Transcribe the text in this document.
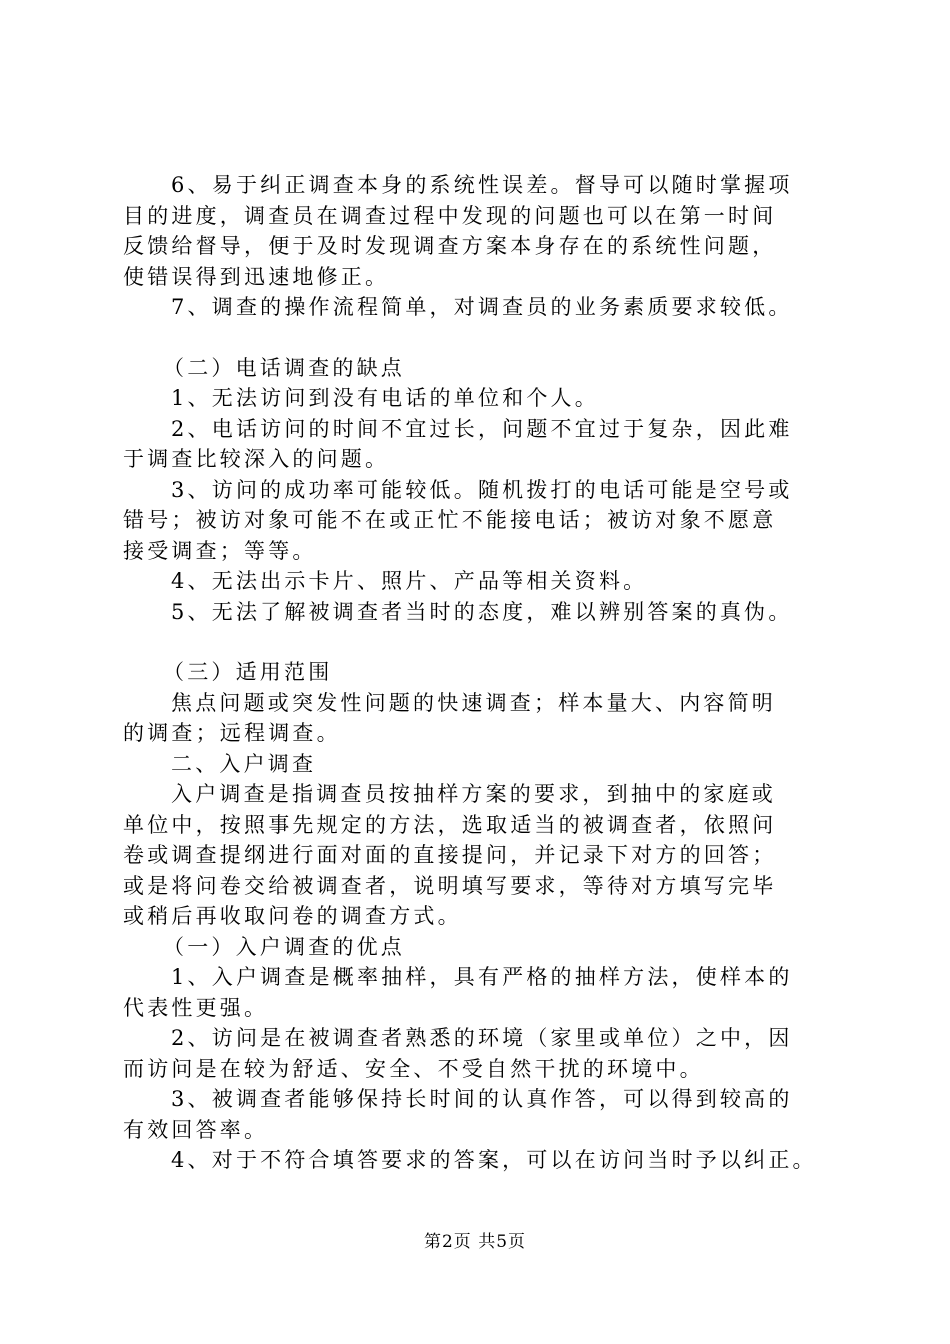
6、易于纠正调查本身的系统性误差。督导可以随时掌握项
目的进度，调查员在调查过程中发现的问题也可以在第一时间
反馈给督导，便于及时发现调查方案本身存在的系统性问题，
使错误得到迅速地修正。
7、调查的操作流程简单，对调查员的业务素质要求较低。
（二）电话调查的缺点
1、无法访问到没有电话的单位和个人。
2、电话访问的时间不宜过长，问题不宜过于复杂，因此难
于调查比较深入的问题。
3、访问的成功率可能较低。随机拨打的电话可能是空号或
错号；被访对象可能不在或正忙不能接电话；被访对象不愿意
接受调查；等等。
4、无法出示卡片、照片、产品等相关资料。
5、无法了解被调查者当时的态度，难以辨别答案的真伪。
（三）适用范围
焦点问题或突发性问题的快速调查；样本量大、内容简明
的调查；远程调查。
二、入户调查
入户调查是指调查员按抽样方案的要求，到抽中的家庭或
单位中，按照事先规定的方法，选取适当的被调查者，依照问
卷或调查提纲进行面对面的直接提问，并记录下对方的回答；
或是将问卷交给被调查者，说明填写要求，等待对方填写完毕
或稍后再收取问卷的调查方式。
（一）入户调查的优点
1、入户调查是概率抽样，具有严格的抽样方法，使样本的
代表性更强。
2、访问是在被调查者熟悉的环境（家里或单位）之中，因
而访问是在较为舒适、安全、不受自然干扰的环境中。
3、被调查者能够保持长时间的认真作答，可以得到较高的
有效回答率。
4、对于不符合填答要求的答案，可以在访问当时予以纠正。
第2页 共5页
